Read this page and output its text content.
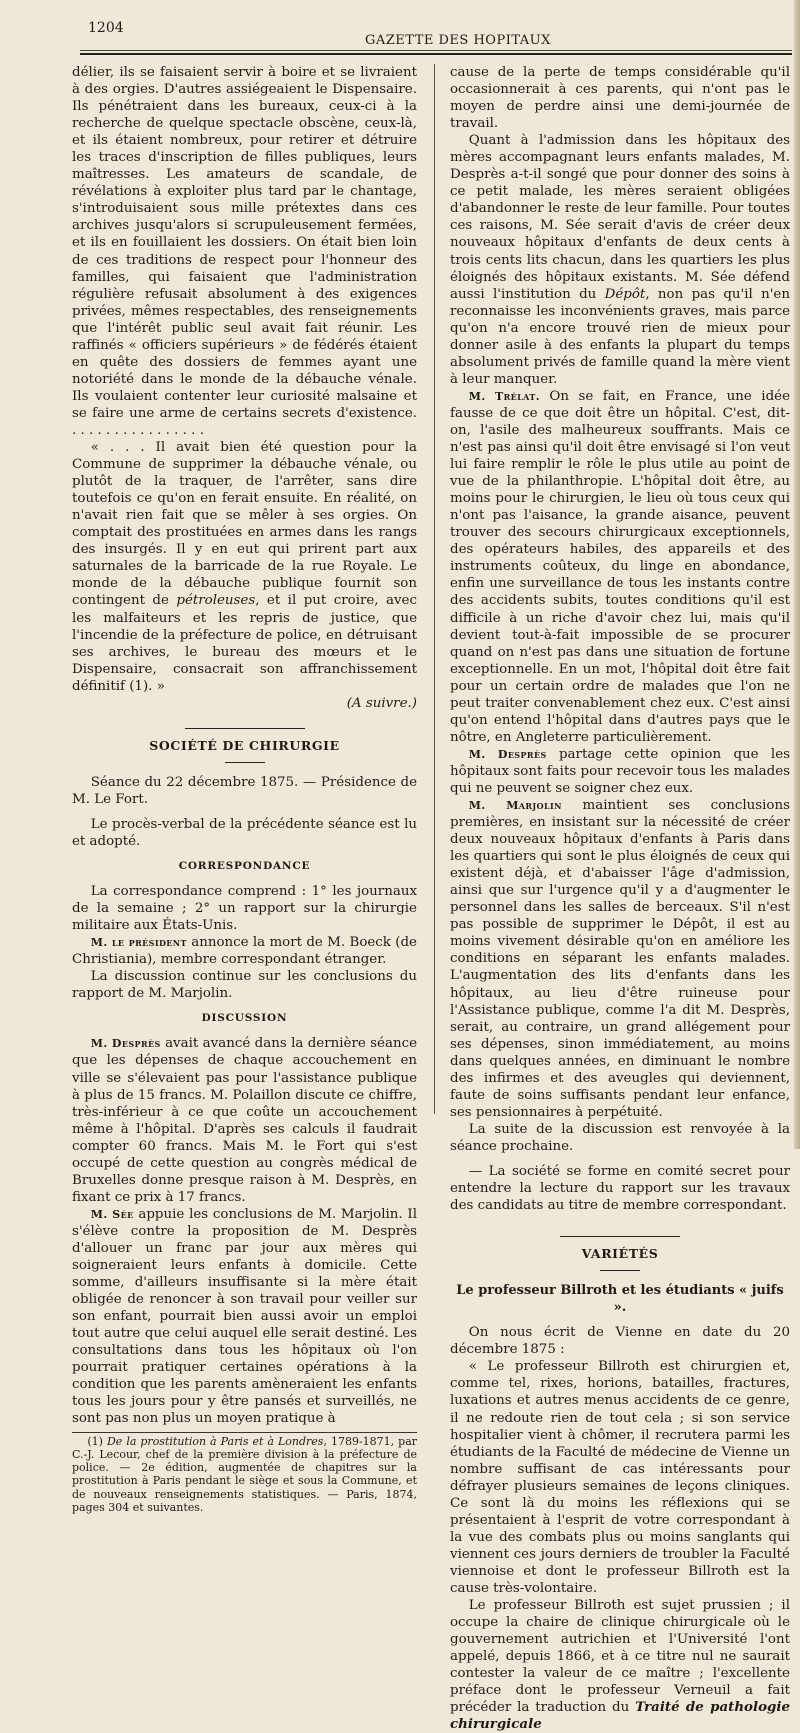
1204
GAZETTE DES HOPITAUX

délier, ils se faisaient servir à boire et se livraient à des orgies. D'autres assiégeaient le Dispensaire. Ils pénétraient dans les bureaux, ceux-ci à la recherche de quelque spectacle obscène, ceux-là, et ils étaient nombreux, pour retirer et détruire les traces d'inscription de filles publiques, leurs maîtresses. Les amateurs de scandale, de révélations à exploiter plus tard par le chantage, s'introduisaient sous mille prétextes dans ces archives jusqu'alors si scrupuleusement fermées, et ils en fouillaient les dossiers. On était bien loin de ces traditions de respect pour l'honneur des familles, qui faisaient que l'administration régulière refusait absolument à des exigences privées, mêmes respectables, des renseignements que l'intérêt public seul avait fait réunir. Les raffinés « officiers supérieurs » de fédérés étaient en quête des dossiers de femmes ayant une notoriété dans le monde de la débauche vénale. Ils voulaient contenter leur curiosité malsaine et se faire une arme de certains secrets d'existence. . . . . . . . . . . . . . . . .

« . . . Il avait bien été question pour la Commune de supprimer la débauche vénale, ou plutôt de la traquer, de l'arrêter, sans dire toutefois ce qu'on en ferait ensuite. En réalité, on n'avait rien fait que se mêler à ses orgies. On comptait des prostituées en armes dans les rangs des insurgés. Il y en eut qui prirent part aux saturnales de la barricade de la rue Royale. Le monde de la débauche publique fournit son contingent de pétroleuses, et il put croire, avec les malfaiteurs et les repris de justice, que l'incendie de la préfecture de police, en détruisant ses archives, le bureau des mœurs et le Dispensaire, consacrait son affranchissement définitif (1). »

(A suivre.)

SOCIÉTÉ DE CHIRURGIE

Séance du 22 décembre 1875. — Présidence de M. Le Fort.

Le procès-verbal de la précédente séance est lu et adopté.

CORRESPONDANCE

La correspondance comprend : 1° les journaux de la semaine ; 2° un rapport sur la chirurgie militaire aux États-Unis.

M. le président annonce la mort de M. Boeck (de Christiania), membre correspondant étranger.

La discussion continue sur les conclusions du rapport de M. Marjolin.

DISCUSSION

M. Desprès avait avancé dans la dernière séance que les dépenses de chaque accouchement en ville se s'élevaient pas pour l'assistance publique à plus de 15 francs. M. Polaillon discute ce chiffre, très-inférieur à ce que coûte un accouchement même à l'hôpital. D'après ses calculs il faudrait compter 60 francs. Mais M. le Fort qui s'est occupé de cette question au congrès médical de Bruxelles donne presque raison à M. Desprès, en fixant ce prix à 17 francs.

M. Sée appuie les conclusions de M. Marjolin. Il s'élève contre la proposition de M. Desprès d'allouer un franc par jour aux mères qui soigneraient leurs enfants à domicile. Cette somme, d'ailleurs insuffisante si la mère était obligée de renoncer à son travail pour veiller sur son enfant, pourrait bien aussi avoir un emploi tout autre que celui auquel elle serait destiné. Les consultations dans tous les hôpitaux où l'on pourrait pratiquer certaines opérations à la condition que les parents amèneraient les enfants tous les jours pour y être pansés et surveillés, ne sont pas non plus un moyen pratique à

(1) De la prostitution à Paris et à Londres, 1789-1871, par C.-J. Lecour, chef de la première division à la préfecture de police. — 2e édition, augmentée de chapitres sur la prostitution à Paris pendant le siège et sous la Commune, et de nouveaux renseignements statistiques. — Paris, 1874, pages 304 et suivantes.

cause de la perte de temps considérable qu'il occasionnerait à ces parents, qui n'ont pas le moyen de perdre ainsi une demi-journée de travail.

Quant à l'admission dans les hôpitaux des mères accompagnant leurs enfants malades, M. Desprès a-t-il songé que pour donner des soins à ce petit malade, les mères seraient obligées d'abandonner le reste de leur famille. Pour toutes ces raisons, M. Sée serait d'avis de créer deux nouveaux hôpitaux d'enfants de deux cents à trois cents lits chacun, dans les quartiers les plus éloignés des hôpitaux existants. M. Sée défend aussi l'institution du Dépôt, non pas qu'il n'en reconnaisse les inconvénients graves, mais parce qu'on n'a encore trouvé rien de mieux pour donner asile à des enfants la plupart du temps absolument privés de famille quand la mère vient à leur manquer.

M. Trélat. On se fait, en France, une idée fausse de ce que doit être un hôpital. C'est, dit-on, l'asile des malheureux souffrants. Mais ce n'est pas ainsi qu'il doit être envisagé si l'on veut lui faire remplir le rôle le plus utile au point de vue de la philanthropie. L'hôpital doit être, au moins pour le chirurgien, le lieu où tous ceux qui n'ont pas l'aisance, la grande aisance, peuvent trouver des secours chirurgicaux exceptionnels, des opérateurs habiles, des appareils et des instruments coûteux, du linge en abondance, enfin une surveillance de tous les instants contre des accidents subits, toutes conditions qu'il est difficile à un riche d'avoir chez lui, mais qu'il devient tout-à-fait impossible de se procurer quand on n'est pas dans une situation de fortune exceptionnelle. En un mot, l'hôpital doit être fait pour un certain ordre de malades que l'on ne peut traiter convenablement chez eux. C'est ainsi qu'on entend l'hôpital dans d'autres pays que le nôtre, en Angleterre particulièrement.

M. Desprès partage cette opinion que les hôpitaux sont faits pour recevoir tous les malades qui ne peuvent se soigner chez eux.

M. Marjolin maintient ses conclusions premières, en insistant sur la nécessité de créer deux nouveaux hôpitaux d'enfants à Paris dans les quartiers qui sont le plus éloignés de ceux qui existent déjà, et d'abaisser l'âge d'admission, ainsi que sur l'urgence qu'il y a d'augmenter le personnel dans les salles de berceaux. S'il n'est pas possible de supprimer le Dépôt, il est au moins vivement désirable qu'on en améliore les conditions en séparant les enfants malades. L'augmentation des lits d'enfants dans les hôpitaux, au lieu d'être ruineuse pour l'Assistance publique, comme l'a dit M. Desprès, serait, au contraire, un grand allégement pour ses dépenses, sinon immédiatement, au moins dans quelques années, en diminuant le nombre des infirmes et des aveugles qui deviennent, faute de soins suffisants pendant leur enfance, ses pensionnaires à perpétuité.

La suite de la discussion est renvoyée à la séance prochaine.

— La société se forme en comité secret pour entendre la lecture du rapport sur les travaux des candidats au titre de membre correspondant.

VARIÉTÉS

Le professeur Billroth et les étudiants « juifs ».

On nous écrit de Vienne en date du 20 décembre 1875 :

« Le professeur Billroth est chirurgien et, comme tel, rixes, horions, batailles, fractures, luxations et autres menus accidents de ce genre, il ne redoute rien de tout cela ; si son service hospitalier vient à chômer, il recrutera parmi les étudiants de la Faculté de médecine de Vienne un nombre suffisant de cas intéressants pour défrayer plusieurs semaines de leçons cliniques. Ce sont là du moins les réflexions qui se présentaient à l'esprit de votre correspondant à la vue des combats plus ou moins sanglants qui viennent ces jours derniers de troubler la Faculté viennoise et dont le professeur Billroth est la cause très-volontaire.

Le professeur Billroth est sujet prussien ; il occupe la chaire de clinique chirurgicale où le gouvernement autrichien et l'Université l'ont appelé, depuis 1866, et à ce titre nul ne saurait contester la valeur de ce maître ; l'excellente préface dont le professeur Verneuil a fait précéder la traduction du Traité de pathologie chirurgicale
